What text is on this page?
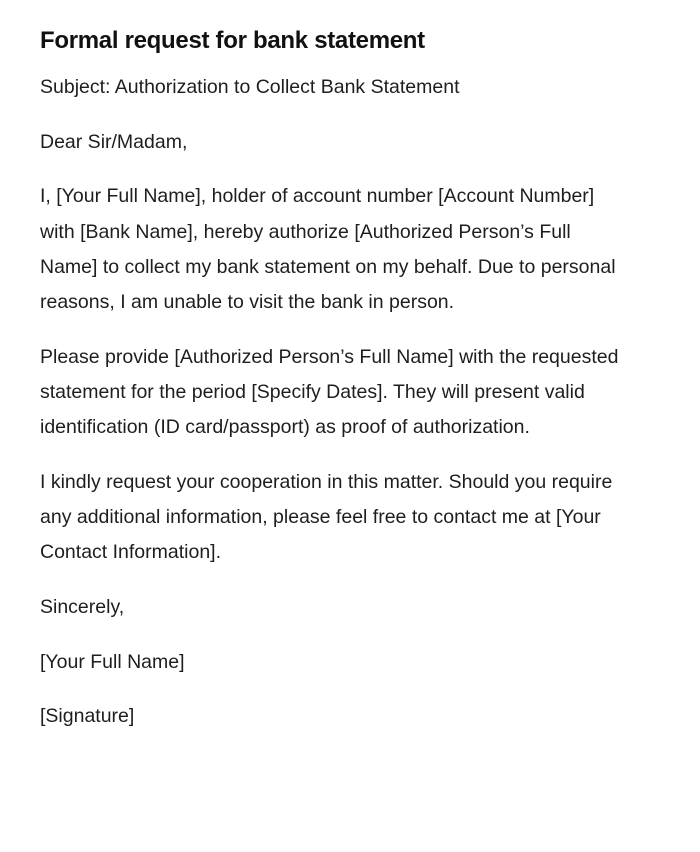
Formal request for bank statement

Subject: Authorization to Collect Bank Statement

Dear Sir/Madam,

I, [Your Full Name], holder of account number [Account Number] with [Bank Name], hereby authorize [Authorized Person’s Full Name] to collect my bank statement on my behalf. Due to personal reasons, I am unable to visit the bank in person.

Please provide [Authorized Person’s Full Name] with the requested statement for the period [Specify Dates]. They will present valid identification (ID card/passport) as proof of authorization.

I kindly request your cooperation in this matter. Should you require any additional information, please feel free to contact me at [Your Contact Information].

Sincerely,

[Your Full Name]

[Signature]
